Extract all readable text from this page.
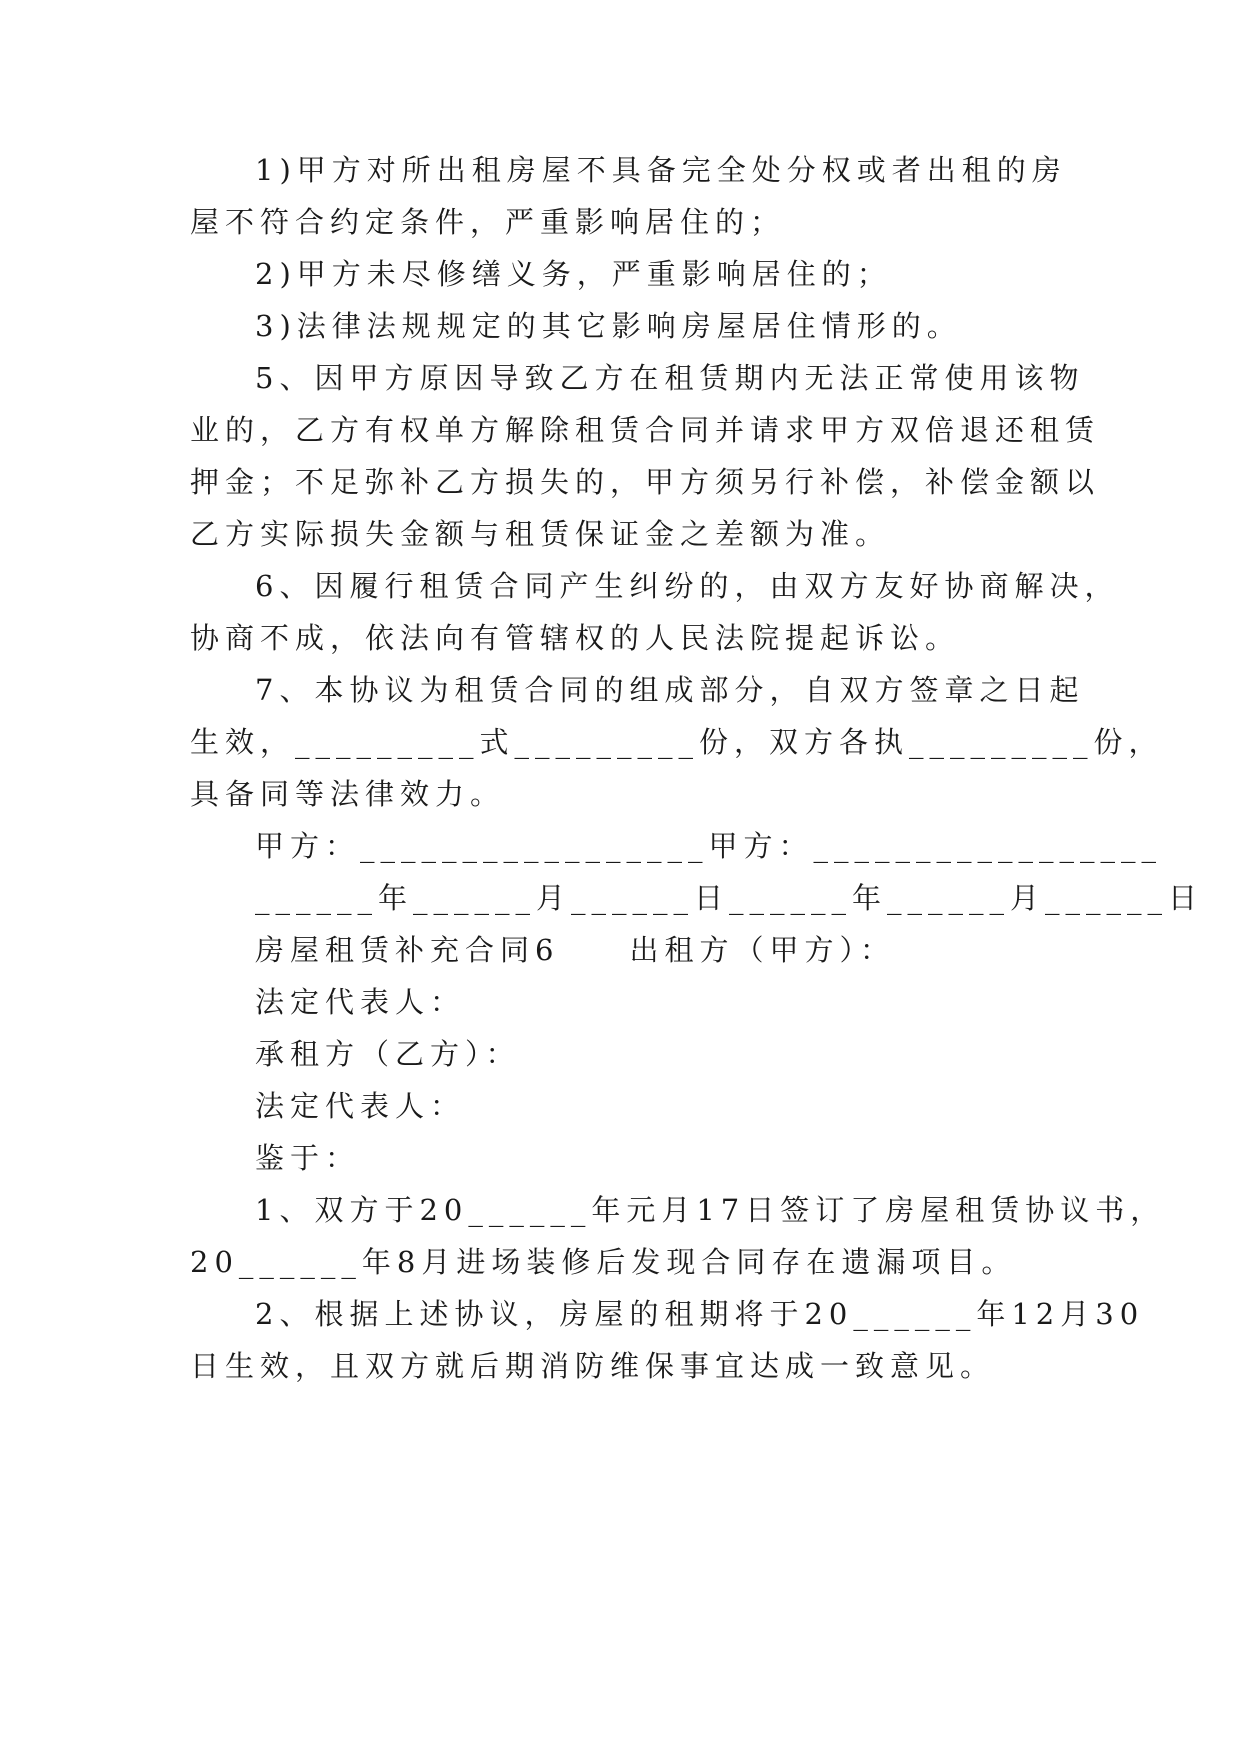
1)甲方对所出租房屋不具备完全处分权或者出租的房
屋不符合约定条件，严重影响居住的；
2)甲方未尽修缮义务，严重影响居住的；
3)法律法规规定的其它影响房屋居住情形的。
5、因甲方原因导致乙方在租赁期内无法正常使用该物
业的，乙方有权单方解除租赁合同并请求甲方双倍退还租赁
押金；不足弥补乙方损失的，甲方须另行补偿，补偿金额以
乙方实际损失金额与租赁保证金之差额为准。
6、因履行租赁合同产生纠纷的，由双方友好协商解决，
协商不成，依法向有管辖权的人民法院提起诉讼。
7、本协议为租赁合同的组成部分，自双方签章之日起
生效，_________式_________份，双方各执_________份，
具备同等法律效力。
甲方：_________________甲方：_________________
______年______月______日______年______月______日
房屋租赁补充合同6　　出租方（甲方）：
法定代表人：
承租方（乙方）：
法定代表人：
鉴于：
1、双方于20______年元月17日签订了房屋租赁协议书，
20______年8月进场装修后发现合同存在遗漏项目。
2、根据上述协议，房屋的租期将于20______年12月30
日生效，且双方就后期消防维保事宜达成一致意见。
